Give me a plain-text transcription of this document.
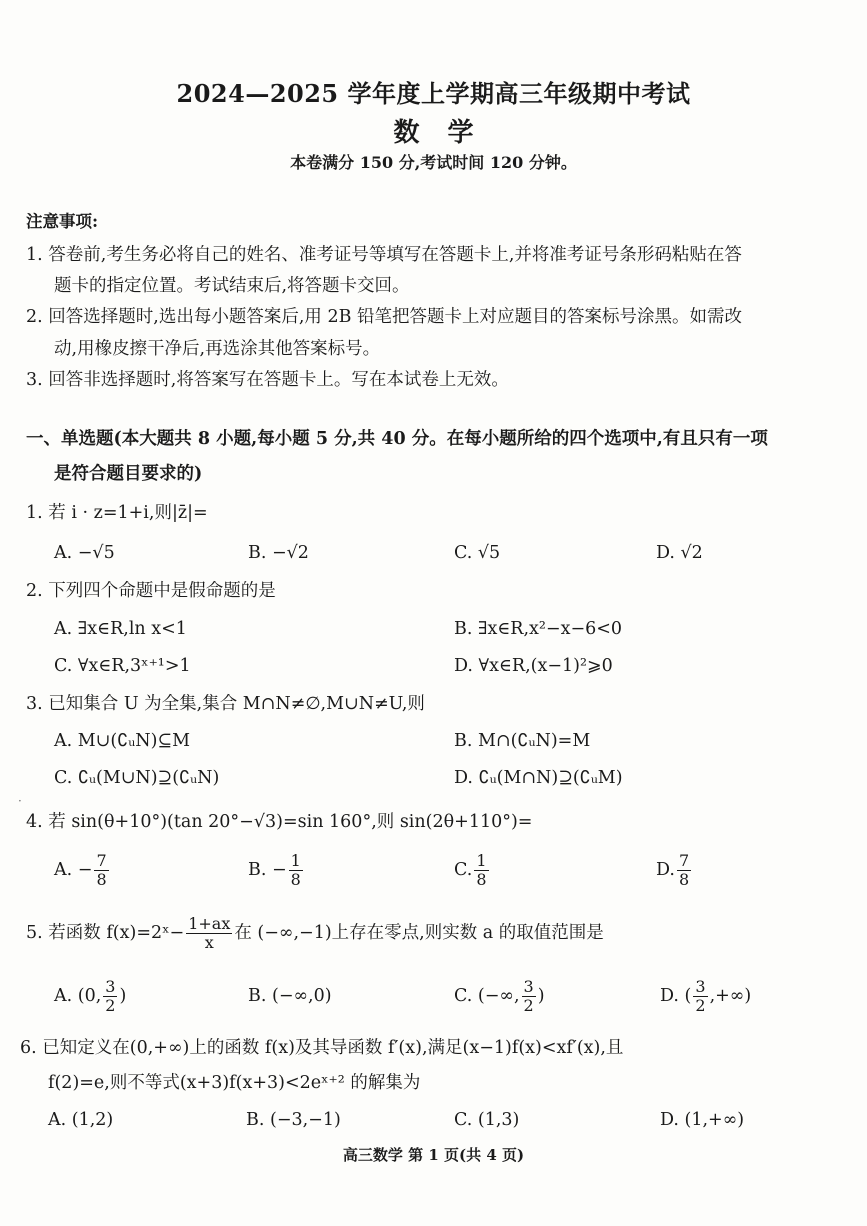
2024—2025 学年度上学期高三年级期中考试
数学
本卷满分 150 分,考试时间 120 分钟。
注意事项:
1. 答卷前,考生务必将自己的姓名、准考证号等填写在答题卡上,并将准考证号条形码粘贴在答
题卡的指定位置。考试结束后,将答题卡交回。
2. 回答选择题时,选出每小题答案后,用 2B 铅笔把答题卡上对应题目的答案标号涂黑。如需改
动,用橡皮擦干净后,再选涂其他答案标号。
3. 回答非选择题时,将答案写在答题卡上。写在本试卷上无效。
一、单选题(本大题共 8 小题,每小题 5 分,共 40 分。在每小题所给的四个选项中,有且只有一项
是符合题目要求的)
1. 若 i · z=1+i,则|z̄|=
A. −√5	B. −√2	C. √5	D. √2
2. 下列四个命题中是假命题的是
A. ∃x∈R,ln x<1	B. ∃x∈R,x²−x−6<0
C. ∀x∈R,3ˣ⁺¹>1	D. ∀x∈R,(x−1)²⩾0
3. 已知集合 U 为全集,集合 M∩N≠∅,M∪N≠U,则
A. M∪(∁ᵤN)⊆M	B. M∩(∁ᵤN)=M
C. ∁ᵤ(M∪N)⊇(∁ᵤN)	D. ∁ᵤ(M∩N)⊇(∁ᵤM)
·
4. 若 sin(θ+10°)(tan 20°−√3)=sin 160°,则 sin(2θ+110°)=
A. − $\frac{7}{8}$	B. − $\frac{1}{8}$	C. $\frac{1}{8}$	D. $\frac{7}{8}$
5. 若函数 f(x)=2ˣ− $\frac{1+ax}{x}$ 在 (−∞,−1)上存在零点,则实数 a 的取值范围是
A. (0, $\frac{3}{2}$ )	B. (−∞,0)	C. (−∞, $\frac{3}{2}$ )	D. ( $\frac{3}{2}$ ,+∞)
6. 已知定义在(0,+∞)上的函数 f(x)及其导函数 f′(x),满足(x−1)f(x)<xf′(x),且
f(2)=e,则不等式(x+3)f(x+3)<2eˣ⁺² 的解集为
A. (1,2)	B. (−3,−1)	C. (1,3)	D. (1,+∞)
高三数学 第 1 页(共 4 页)
